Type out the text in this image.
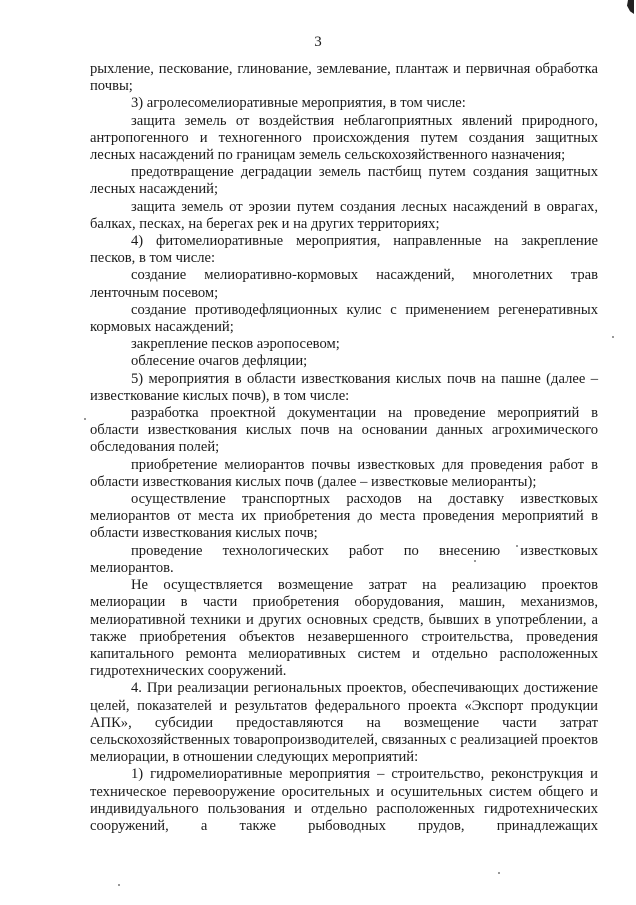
3

рыхление, пескование, глинование, землевание, плантаж и первичная обработка почвы;

3) агролесомелиоративные мероприятия, в том числе:

защита земель от воздействия неблагоприятных явлений природного, антропогенного и техногенного происхождения путем создания защитных лесных насаждений по границам земель сельскохозяйственного назначения;

предотвращение деградации земель пастбищ путем создания защитных лесных насаждений;

защита земель от эрозии путем создания лесных насаждений в оврагах, балках, песках, на берегах рек и на других территориях;

4) фитомелиоративные мероприятия, направленные на закрепление песков, в том числе:

создание мелиоративно-кормовых насаждений, многолетних трав ленточным посевом;

создание противодефляционных кулис с применением регенеративных кормовых насаждений;

закрепление песков аэропосевом;

облесение очагов дефляции;

5) мероприятия в области известкования кислых почв на пашне (далее – известкование кислых почв), в том числе:

разработка проектной документации на проведение мероприятий в области известкования кислых почв на основании данных агрохимического обследования полей;

приобретение мелиорантов почвы известковых для проведения работ в области известкования кислых почв (далее – известковые мелиоранты);

осуществление транспортных расходов на доставку известковых мелиорантов от места их приобретения до места проведения мероприятий в области известкования кислых почв;

проведение технологических работ по внесению известковых мелиорантов.

Не осуществляется возмещение затрат на реализацию проектов мелиорации в части приобретения оборудования, машин, механизмов, мелиоративной техники и других основных средств, бывших в употреблении, а также приобретения объектов незавершенного строительства, проведения капитального ремонта мелиоративных систем и отдельно расположенных гидротехнических сооружений.

4. При реализации региональных проектов, обеспечивающих достижение целей, показателей и результатов федерального проекта «Экспорт продукции АПК», субсидии предоставляются на возмещение части затрат сельскохозяйственных товаропроизводителей, связанных с реализацией проектов мелиорации, в отношении следующих мероприятий:

1) гидромелиоративные мероприятия – строительство, реконструкция и техническое перевооружение оросительных и осушительных систем общего и индивидуального пользования и отдельно расположенных гидротехнических сооружений, а также рыбоводных прудов, принадлежащих
